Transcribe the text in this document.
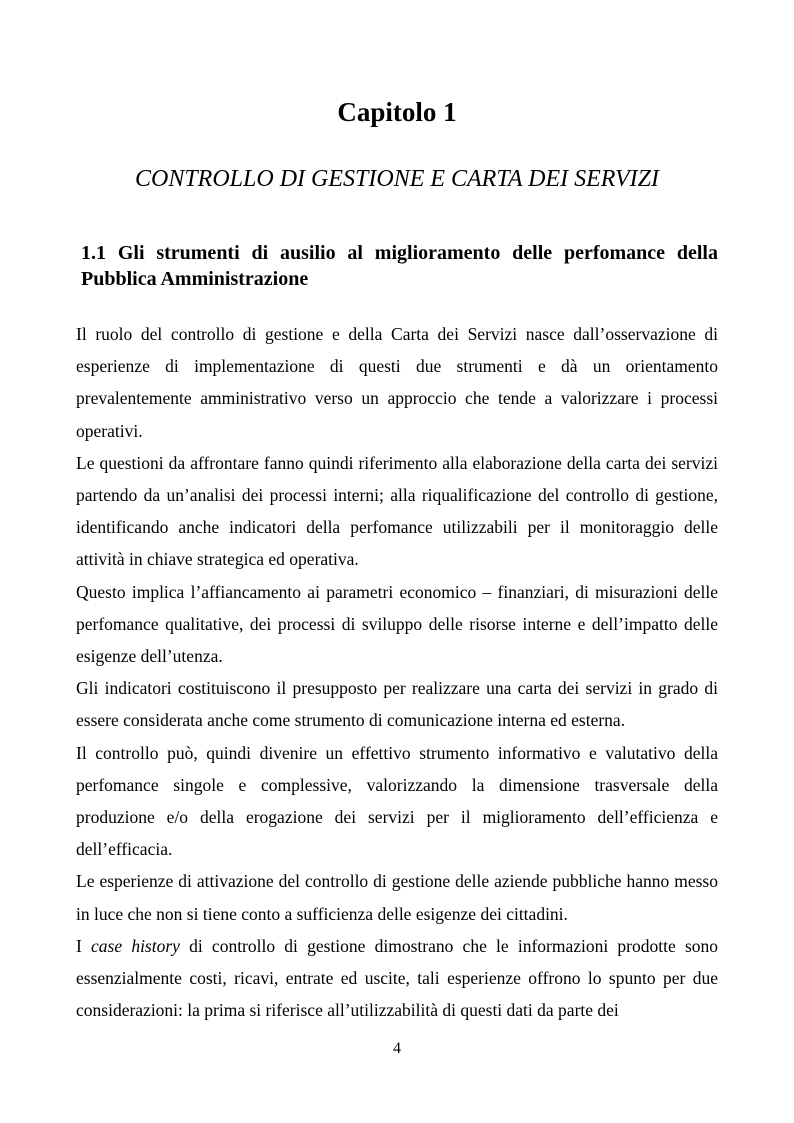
Capitolo 1
CONTROLLO DI GESTIONE E CARTA DEI SERVIZI
1.1 Gli strumenti di ausilio al miglioramento delle perfomance della Pubblica Amministrazione

Il ruolo del controllo di gestione e della Carta dei Servizi nasce dall’osservazione di esperienze di implementazione di questi due strumenti e dà un orientamento prevalentemente amministrativo verso un approccio che tende a valorizzare i processi operativi.

Le questioni da affrontare fanno quindi riferimento alla elaborazione della carta dei servizi partendo da un’analisi dei processi interni; alla riqualificazione del controllo di gestione, identificando anche indicatori della perfomance utilizzabili per il monitoraggio delle attività in chiave strategica ed operativa.

Questo implica l’affiancamento ai parametri economico – finanziari, di misurazioni delle perfomance qualitative, dei processi di sviluppo delle risorse interne e dell’impatto delle esigenze dell’utenza.

Gli indicatori costituiscono il presupposto per realizzare una carta dei servizi in grado di essere considerata anche come strumento di comunicazione interna ed esterna.

Il controllo può, quindi divenire un effettivo strumento informativo e valutativo della perfomance singole e complessive, valorizzando la dimensione trasversale della produzione e/o della erogazione dei servizi per il miglioramento dell’efficienza e dell’efficacia.

Le esperienze di attivazione del controllo di gestione delle aziende pubbliche hanno messo in luce che non si tiene conto a sufficienza delle esigenze dei cittadini.

I case history di controllo di gestione dimostrano che le informazioni prodotte sono essenzialmente costi, ricavi, entrate ed uscite, tali esperienze offrono lo spunto per due considerazioni: la prima si riferisce all’utilizzabilità di questi dati da parte dei

4
